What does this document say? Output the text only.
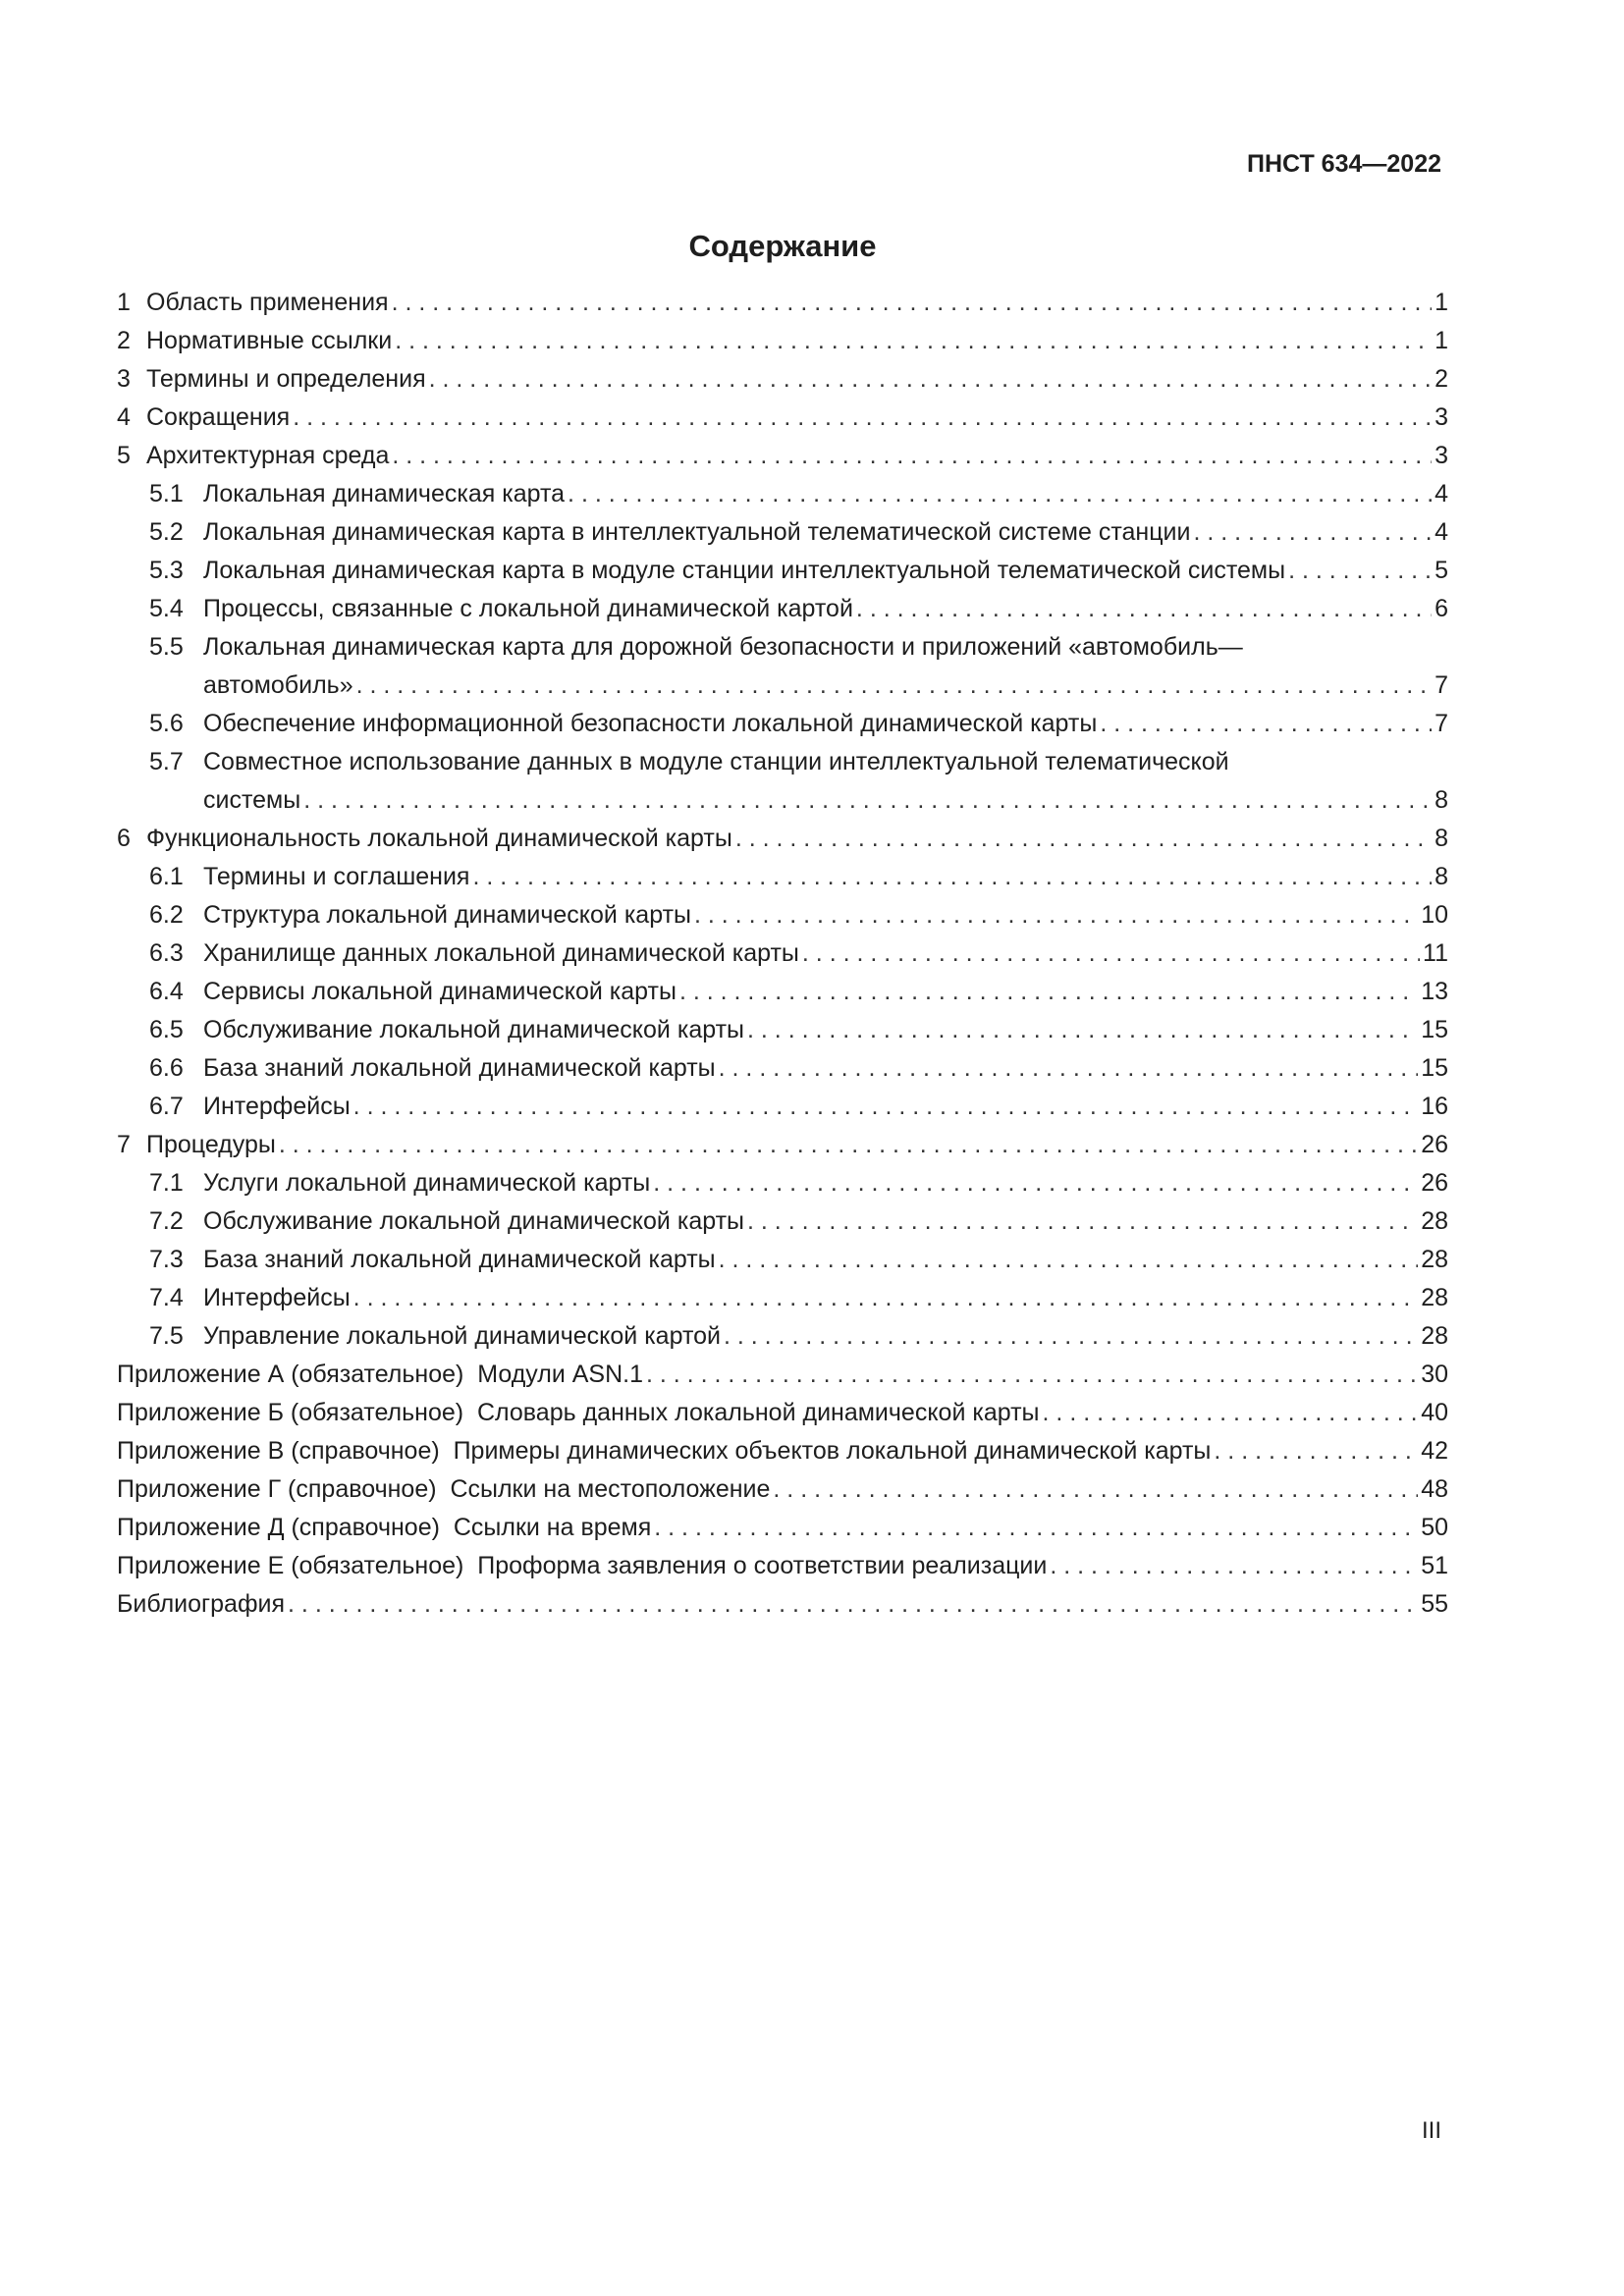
ПНСТ 634—2022
Содержание
1 Область применения . . .	1
2 Нормативные ссылки . . .	1
3 Термины и определения . . .	2
4 Сокращения . . .	3
5 Архитектурная среда . . .	3
5.1 Локальная динамическая карта . . .	4
5.2 Локальная динамическая карта в интеллектуальной телематической системе станции . . .	4
5.3 Локальная динамическая карта в модуле станции интеллектуальной телематической системы . . .	5
5.4 Процессы, связанные с локальной динамической картой . . .	6
5.5 Локальная динамическая карта для дорожной безопасности и приложений «автомобиль—
автомобиль» . . .	7
5.6 Обеспечение информационной безопасности локальной динамической карты . . .	7
5.7 Совместное использование данных в модуле станции интеллектуальной телематической
системы . . .	8
6 Функциональность локальной динамической карты . . .	8
6.1 Термины и соглашения . . .	8
6.2 Структура локальной динамической карты . . .	10
6.3 Хранилище данных локальной динамической карты . . .	11
6.4 Сервисы локальной динамической карты . . .	13
6.5 Обслуживание локальной динамической карты . . .	15
6.6 База знаний локальной динамической карты . . .	15
6.7 Интерфейсы . . .	16
7 Процедуры . . .	26
7.1 Услуги локальной динамической карты . . .	26
7.2 Обслуживание локальной динамической карты . . .	28
7.3 База знаний локальной динамической карты . . .	28
7.4 Интерфейсы . . .	28
7.5 Управление локальной динамической картой . . .	28
Приложение А (обязательное)  Модули ASN.1 . . .	30
Приложение Б (обязательное)  Словарь данных локальной динамической карты . . .	40
Приложение В (справочное)  Примеры динамических объектов локальной динамической карты . . .	42
Приложение Г (справочное)  Ссылки на местоположение . . .	48
Приложение Д (справочное)  Ссылки на время . . .	50
Приложение Е (обязательное)  Проформа заявления о соответствии реализации . . .	51
Библиография . . .	55
III
